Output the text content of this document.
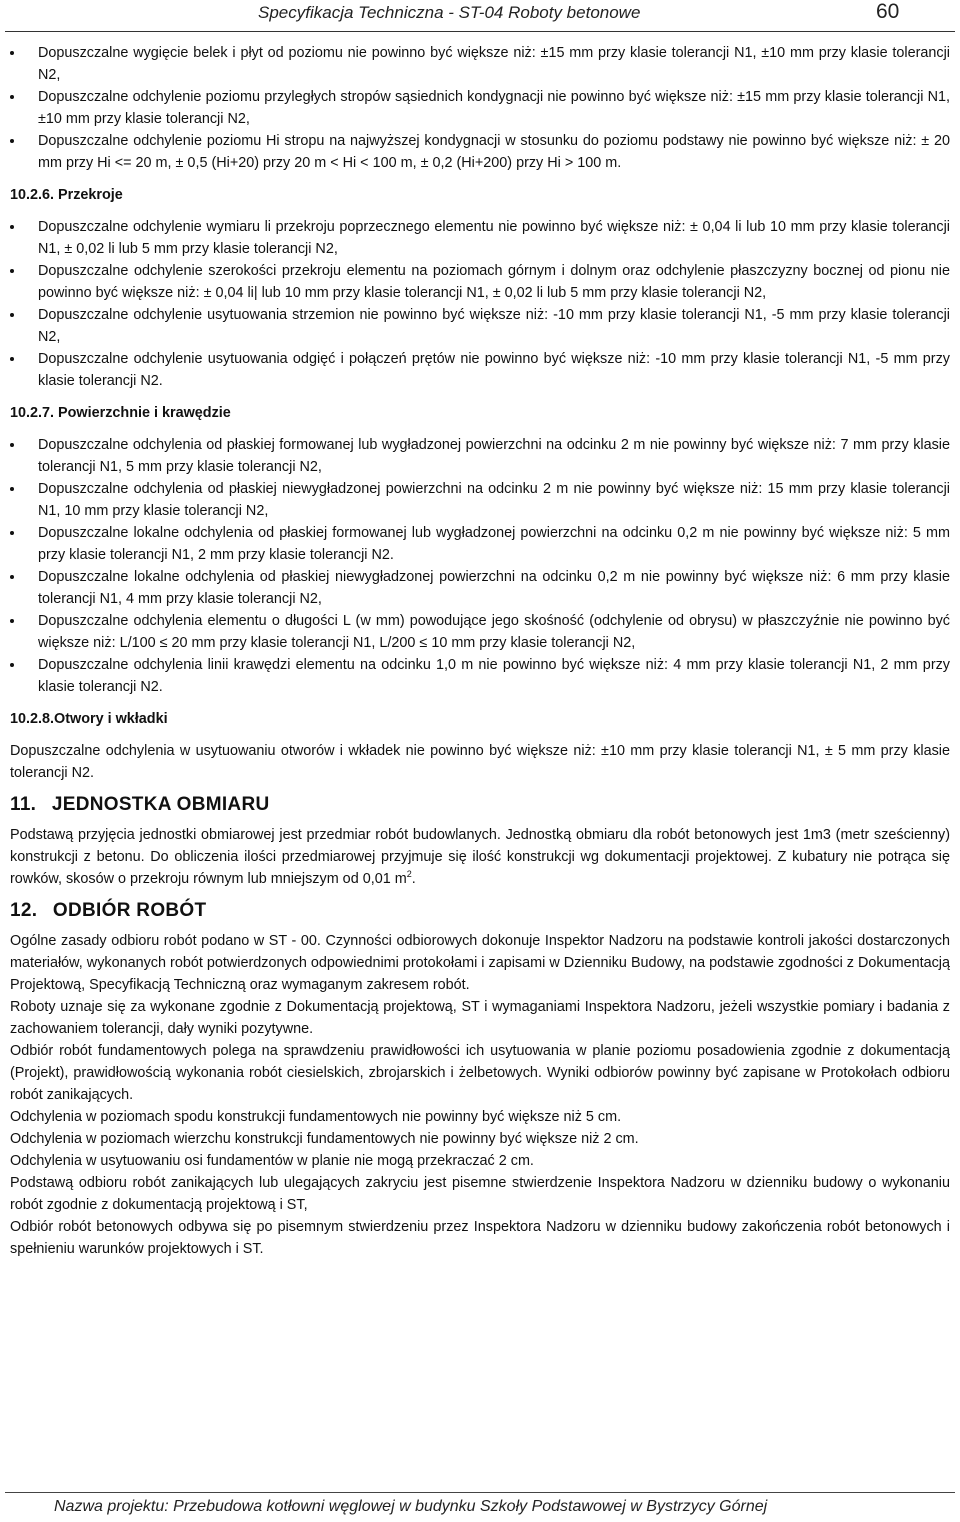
Specyfikacja Techniczna - ST-04 Roboty betonowe	60
Dopuszczalne wygięcie belek i płyt od poziomu nie powinno być większe niż: ±15 mm przy klasie tolerancji N1, ±10 mm przy klasie tolerancji N2,
Dopuszczalne odchylenie poziomu przyległych stropów sąsiednich kondygnacji nie powinno być większe niż: ±15 mm przy klasie tolerancji N1, ±10 mm przy klasie tolerancji N2,
Dopuszczalne odchylenie poziomu Hi stropu na najwyższej kondygnacji w stosunku do poziomu podstawy nie powinno być większe niż: ± 20 mm przy Hi <= 20 m, ± 0,5 (Hi+20) przy 20 m < Hi < 100 m, ± 0,2 (Hi+200) przy Hi > 100 m.
10.2.6. Przekroje
Dopuszczalne odchylenie wymiaru li przekroju poprzecznego elementu nie powinno być większe niż: ± 0,04 li lub 10 mm przy klasie tolerancji N1, ± 0,02 li lub 5 mm przy klasie tolerancji N2,
Dopuszczalne odchylenie szerokości przekroju elementu na poziomach górnym i dolnym oraz odchylenie płaszczyzny bocznej od pionu nie powinno być większe niż: ± 0,04 li| lub 10 mm przy klasie tolerancji N1, ± 0,02 li lub 5 mm przy klasie tolerancji N2,
Dopuszczalne odchylenie usytuowania strzemion nie powinno być większe niż: -10 mm przy klasie tolerancji N1, -5 mm przy klasie tolerancji N2,
Dopuszczalne odchylenie usytuowania odgięć i połączeń prętów nie powinno być większe niż: -10 mm przy klasie tolerancji N1, -5 mm przy klasie tolerancji N2.
10.2.7. Powierzchnie i krawędzie
Dopuszczalne odchylenia od płaskiej formowanej lub wygładzonej powierzchni na odcinku 2 m nie powinny być większe niż: 7 mm przy klasie tolerancji N1, 5 mm przy klasie tolerancji N2,
Dopuszczalne odchylenia od płaskiej niewygładzonej powierzchni na odcinku 2 m nie powinny być większe niż: 15 mm przy klasie tolerancji N1, 10 mm przy klasie tolerancji N2,
Dopuszczalne lokalne odchylenia od płaskiej formowanej lub wygładzonej powierzchni na odcinku 0,2 m nie powinny być większe niż: 5 mm przy klasie tolerancji N1, 2 mm przy klasie tolerancji N2.
Dopuszczalne lokalne odchylenia od płaskiej niewygładzonej powierzchni na odcinku 0,2 m nie powinny być większe niż: 6 mm przy klasie tolerancji N1, 4 mm przy klasie tolerancji N2,
Dopuszczalne odchylenia elementu o długości L (w mm) powodujące jego skośność (odchylenie od obrysu) w płaszczyźnie nie powinno być większe niż: L/100 ≤ 20 mm przy klasie tolerancji N1, L/200 ≤ 10 mm przy klasie tolerancji N2,
Dopuszczalne odchylenia linii krawędzi elementu na odcinku 1,0 m nie powinno być większe niż: 4 mm przy klasie tolerancji N1, 2 mm przy klasie tolerancji N2.
10.2.8.Otwory i wkładki

Dopuszczalne odchylenia w usytuowaniu otworów i wkładek nie powinno być większe niż: ±10 mm przy klasie tolerancji N1, ± 5 mm przy klasie tolerancji N2.

11. JEDNOSTKA OBMIARU

Podstawą przyjęcia jednostki obmiarowej jest przedmiar robót budowlanych. Jednostką obmiaru dla robót betonowych jest 1m3 (metr sześcienny) konstrukcji z betonu. Do obliczenia ilości przedmiarowej przyjmuje się ilość konstrukcji wg dokumentacji projektowej. Z kubatury nie potrąca się rowków, skosów o przekroju równym lub mniejszym od 0,01 $m^2$.

12. ODBIÓR ROBÓT

Ogólne zasady odbioru robót podano w ST - 00. Czynności odbiorowych dokonuje Inspektor Nadzoru na podstawie kontroli jakości dostarczonych materiałów, wykonanych robót potwierdzonych odpowiednimi protokołami i zapisami w Dzienniku Budowy, na podstawie zgodności z Dokumentacją Projektową, Specyfikacją Techniczną oraz wymaganym zakresem robót.

Roboty uznaje się za wykonane zgodnie z Dokumentacją projektową, ST i wymaganiami Inspektora Nadzoru, jeżeli wszystkie pomiary i badania z zachowaniem tolerancji, dały wyniki pozytywne.

Odbiór robót fundamentowych polega na sprawdzeniu prawidłowości ich usytuowania w planie poziomu posadowienia zgodnie z dokumentacją (Projekt), prawidłowością wykonania robót ciesielskich, zbrojarskich i żelbetowych. Wyniki odbiorów powinny być zapisane w Protokołach odbioru robót zanikających.

Odchylenia w poziomach spodu konstrukcji fundamentowych nie powinny być większe niż 5 cm.

Odchylenia w poziomach wierzchu konstrukcji fundamentowych nie powinny być większe niż 2 cm.

Odchylenia w usytuowaniu osi fundamentów w planie nie mogą przekraczać 2 cm.

Podstawą odbioru robót zanikających lub ulegających zakryciu jest pisemne stwierdzenie Inspektora Nadzoru w dzienniku budowy o wykonaniu robót zgodnie z dokumentacją projektową i ST,

Odbiór robót betonowych odbywa się po pisemnym stwierdzeniu przez Inspektora Nadzoru w dzienniku budowy zakończenia robót betonowych i spełnieniu warunków projektowych i ST.

Nazwa projektu: Przebudowa kotłowni węglowej w budynku Szkoły Podstawowej w Bystrzycy Górnej
